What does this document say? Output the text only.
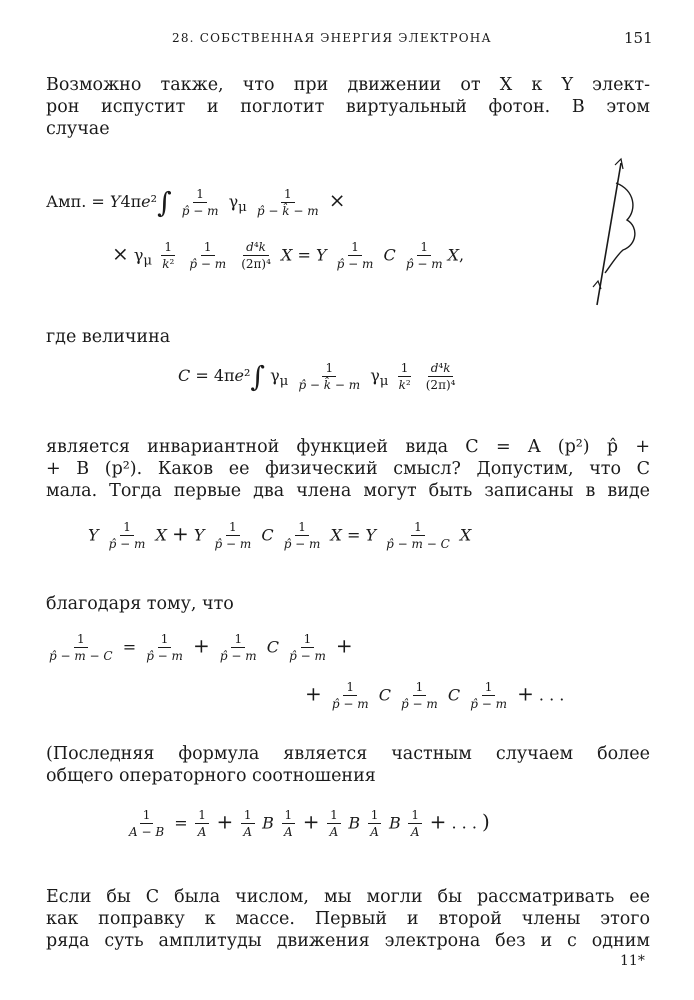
28. СОБСТВЕННАЯ ЭНЕРГИЯ ЭЛЕКТРОНА	151
Возможно также, что при движении от X к Y элект-
рон испустит и поглотит виртуальный фотон. В этом
случае
Амп. = $Y4\pi e^2\int \frac{1}{p̂ - m} \gamma_\mu \frac{1}{p̂ - k̂ - m}$ ×
× $\gamma_\mu \frac{1}{\text{k²}}$
$\frac{1}{p̂ - m}$
$\frac{\text{d⁴k}}{\text{(2π)⁴}}$ X = Y $\frac{1}{p̂ - m}$ C $\frac{1}{p̂ - m} X$,
где величина
C = 4πe²∫ $\gamma_\mu \frac{1}{p̂ - k̂ - m} \gamma_\mu \frac{1}{\text{k²}}$
$\frac{\text{d⁴k}}{\text{(2π)⁴}}$
является инвариантной функцией вида C = A (p²) p̂ +
+ B (p²). Каков ее физический смысл? Допустим, что C
мала. Тогда первые два члена могут быть записаны в виде
Y $\frac{1}{p̂ - m}$ X + Y $\frac{1}{p̂ - m}$ C $\frac{1}{p̂ - m}$ X = Y $\frac{1}{p̂ - m - C}$ X
благодаря тому, что
$\frac{1}{p̂ - m - C} = \frac{1}{p̂ - m} + \frac{1}{p̂ - m}$ C $\frac{1}{p̂ - m}$ +
+ $\frac{1}{p̂ - m}$ C $\frac{1}{p̂ - m}$ C $\frac{1}{p̂ - m}$ + . . .
(Последняя формула является частным случаем более
общего операторного соотношения
$\frac{1}{A - B} = \frac{1}{A} + \frac{1}{A}$ B $\frac{1}{A} + \frac{1}{A}$ B $\frac{1}{A}$ B $\frac{1}{A}$ + . . . )
Если бы C была числом, мы могли бы рассматривать ее
как поправку к массе. Первый и второй члены этого
ряда суть амплитуды движения электрона без и с одним
11*
